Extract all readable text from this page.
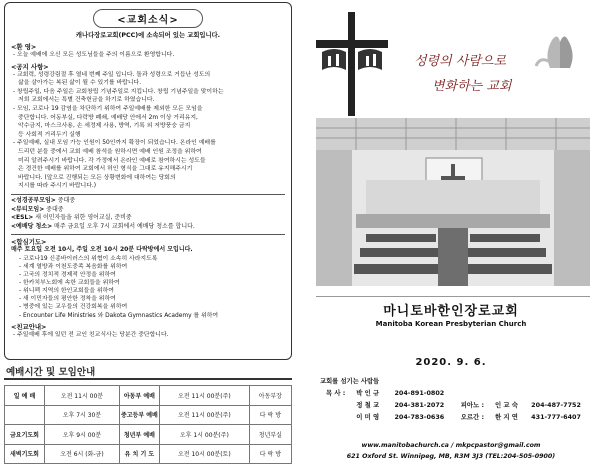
<교회소식>
캐나다장로교회(PCC)에 소속되어 있는 교회입니다.
<환 영>
- 오늘 예배에 오신 모든 성도님들을 주의 이름으로 환영합니다.
<공지 사항>
- 교회력, 성령강림절 후 열네 번째 주일 입니다. 돌과 성령으로 거듭난 성도의
삶을 살아가는 복된 삶이 될 수 있기를 바랍니다.
- 창립주일, 다음 주일은 교회창립 기념주일로 지킵니다. 창립 기념주일을 맞이하는
저희 교회에서는 특별 건축헌금을 하기로 하였습니다.
- 모임, 코로나 19 감염을 차단하기 위하여 주일예배를 제외한 모든 모임을
중단합니다. 어동부실, 다락방 폐쇄, 예배당 안에서 2m 이상 거리유지,
악수금지, 마스크사용, 손 세정제 사용, 방역, 기록 외 저방풍숭 금지
등 사회적 거리두기 실행
- 주일예배, 실내 모임 가능 인원이 50인까지 확장이 되었습니다. 온라인 예배를
드리던 분들 중에서 교회 예배 참석을 원하시면 예배 인원 조정을 위하여
미리 알려주시기 바랍니다. 각 가정에서 온라인 예배로 참여하시는 성도들
은 경건한 예배를 위하여 교회에서 허인 형식을 그대로 유지해주시기
바랍니다. (앞으로 진행되는 모든 상황변화에 대하여는 당회의
지시를 따라 주시기 바랍니다.)
<성경공부모임> 중대중
<뮤티모임> 중대중
<ESL> 새 이민자들을 위한 영어교실, 준비중
<예배당 청소> 매주 금요일 오후 7시 교회에서 예배당 청소를 합니다.
<합심기도>
매주 토요일 오전 10시, 주일 오전 10시 20분 다락방에서 모입니다.
- 코로나19 신종바이러스의 위협이 소속히 사라지도록
- 세계 열방과 이천도중족 복음화를 위하여
- 고국의 정치적 경제적 안정을 위하여
- 한카치부노회에 속한 교회들을 위하여
- 위니펙 지역의 한인교회들을 위하여
- 새 이민자들의 평안한 정착을 위하여
- 병중에 있는 교우들의 건강회복을 위하여
- Encounter Life Ministries 와 Dakota Gymnastics Academy 를 위하여
<친교안내>
- 주일예배 후에 있던 전 교인 친교식사는 당분간 중단합니다.
예배시간 및 모임안내
일 예 배	오전 11시 00분	아동부 예배	오전 11시 00분(주)	아동부장
	오후 7시 30분	중고등부 예배	오전 11시 00분(주)	다 락 방
금요기도회	오후 9시 00분	청년부 예배	오후 1시 00분(주)	청년부실
새벽기도회	오전 6시 (화-금)	유 치 기 도	오전 10시 00분(토)	다 락 방
성령의 사람으로
변화하는 교회
마니토바한인장로교회
Manitoba Korean Presbyterian Church
2020. 9. 6.
교회를 섬기는 사람들
목 사 : 박 인 규 204-891-0802
정 철 교 204-381-2072	피아노 : 인 교 숙 204-487-7752
이 미 영 204-783-0636	오르간 : 한 지 연 431-777-6407
www.manitobachurch.ca / mkpcpastor@gmail.com
621 Oxford St. Winnipeg, MB, R3M 3J3 (TEL:204-505-0900)
